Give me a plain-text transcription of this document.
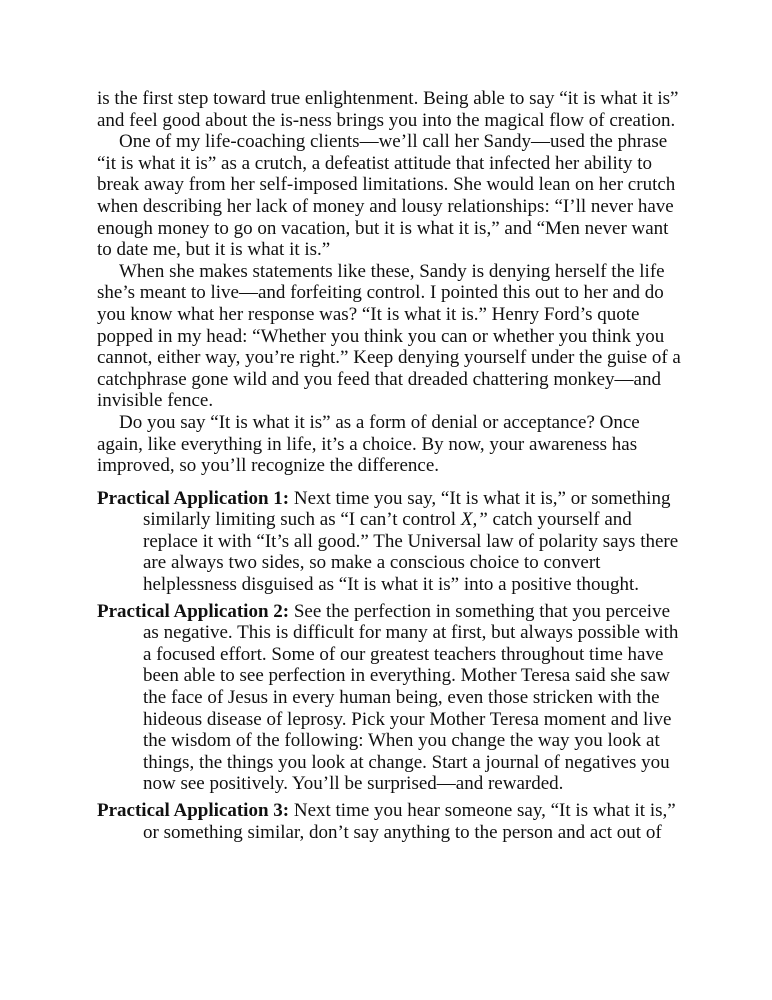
is the first step toward true enlightenment. Being able to say “it is what it is” and feel good about the is-ness brings you into the magical flow of creation.

One of my life-coaching clients—we’ll call her Sandy—used the phrase “it is what it is” as a crutch, a defeatist attitude that infected her ability to break away from her self-imposed limitations. She would lean on her crutch when describing her lack of money and lousy relationships: “I’ll never have enough money to go on vacation, but it is what it is,” and “Men never want to date me, but it is what it is.”

When she makes statements like these, Sandy is denying herself the life she’s meant to live—and forfeiting control. I pointed this out to her and do you know what her response was? “It is what it is.” Henry Ford’s quote popped in my head: “Whether you think you can or whether you think you cannot, either way, you’re right.” Keep denying yourself under the guise of a catchphrase gone wild and you feed that dreaded chattering monkey—and invisible fence.

Do you say “It is what it is” as a form of denial or acceptance? Once again, like everything in life, it’s a choice. By now, your awareness has improved, so you’ll recognize the difference.

Practical Application 1: Next time you say, “It is what it is,” or something similarly limiting such as “I can’t control X,” catch yourself and replace it with “It’s all good.” The Universal law of polarity says there are always two sides, so make a conscious choice to convert helplessness disguised as “It is what it is” into a positive thought.

Practical Application 2: See the perfection in something that you perceive as negative. This is difficult for many at first, but always possible with a focused effort. Some of our greatest teachers throughout time have been able to see perfection in everything. Mother Teresa said she saw the face of Jesus in every human being, even those stricken with the hideous disease of leprosy. Pick your Mother Teresa moment and live the wisdom of the following: When you change the way you look at things, the things you look at change. Start a journal of negatives you now see positively. You’ll be surprised—and rewarded.

Practical Application 3: Next time you hear someone say, “It is what it is,” or something similar, don’t say anything to the person and act out of
